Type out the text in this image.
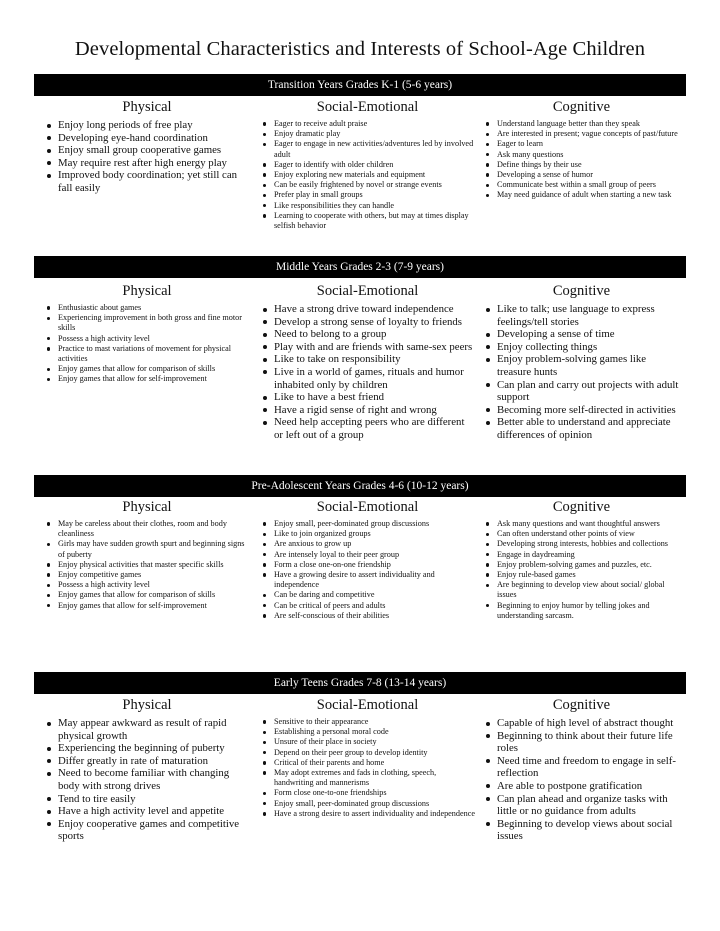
Developmental Characteristics and Interests of School-Age Children
Transition Years Grades K-1 (5-6 years)
Physical
Enjoy long periods of free play
Developing eye-hand coordination
Enjoy small group cooperative games
May require rest after high energy play
Improved body coordination; yet still can fall easily
Social-Emotional
Eager to receive adult praise
Enjoy dramatic play
Eager to engage in new activities/adventures led by involved adult
Eager to identify with older children
Enjoy exploring new materials and equipment
Can be easily frightened by novel or strange events
Prefer play in small groups
Like responsibilities they can handle
Learning to cooperate with others, but may at times display selfish behavior
Cognitive
Understand language better than they speak
Are interested in present; vague concepts of past/future
Eager to learn
Ask many questions
Define things by their use
Developing a sense of humor
Communicate best within a small group of peers
May need guidance of adult when starting a new task
Middle Years Grades 2-3 (7-9 years)
Physical
Enthusiastic about games
Experiencing improvement in both gross and fine motor skills
Possess a high activity level
Practice to mast variations of movement for physical activities
Enjoy games that allow for comparison of skills
Enjoy games that allow for self-improvement
Social-Emotional
Have a strong drive toward independence
Develop a strong sense of loyalty to friends
Need to belong to a group
Play with and are friends with same-sex peers
Like to take on responsibility
Live in a world of games, rituals and humor inhabited only by children
Like to have a best friend
Have a rigid sense of right and wrong
Need help accepting peers who are different or left out of a group
Cognitive
Like to talk; use language to express feelings/tell stories
Developing a sense of time
Enjoy collecting things
Enjoy problem-solving games like treasure hunts
Can plan and carry out projects with adult support
Becoming more self-directed in activities
Better able to understand and appreciate differences of opinion
Pre-Adolescent Years Grades 4-6 (10-12 years)
Physical
May be careless about their clothes, room and body cleanliness
Girls may have sudden growth spurt and beginning signs of puberty
Enjoy physical activities that master specific skills
Enjoy competitive games
Possess a high activity level
Enjoy games that allow for comparison of skills
Enjoy games that allow for self-improvement
Social-Emotional
Enjoy small, peer-dominated group discussions
Like to join organized groups
Are anxious to grow up
Are intensely loyal to their peer group
Form a close one-on-one friendship
Have a growing desire to assert individuality and independence
Can be daring and competitive
Can be critical of peers and adults
Are self-conscious of their abilities
Cognitive
Ask many questions and want thoughtful answers
Can often understand other points of view
Developing strong interests, hobbies and collections
Engage in daydreaming
Enjoy problem-solving games and puzzles, etc.
Enjoy rule-based games
Are beginning to develop view about social/ global issues
Beginning to enjoy humor by telling jokes and understanding sarcasm.
Early Teens Grades 7-8 (13-14 years)
Physical
May appear awkward as result of rapid physical growth
Experiencing the beginning of puberty
Differ greatly in rate of maturation
Need to become familiar with changing body with strong drives
Tend to tire easily
Have a high activity level and appetite
Enjoy cooperative games and competitive sports
Social-Emotional
Sensitive to their appearance
Establishing a personal moral code
Unsure of their place in society
Depend on their peer group to develop identity
Critical of their parents and home
May adopt extremes and fads in clothing, speech, handwriting and mannerisms
Form close one-to-one friendships
Enjoy small, peer-dominated group discussions
Have a strong desire to assert individuality and independence
Cognitive
Capable of high level of abstract thought
Beginning to think about their future life roles
Need time and freedom to engage in self-reflection
Are able to postpone gratification
Can plan ahead and organize tasks with little or no guidance from adults
Beginning to develop views about social issues
